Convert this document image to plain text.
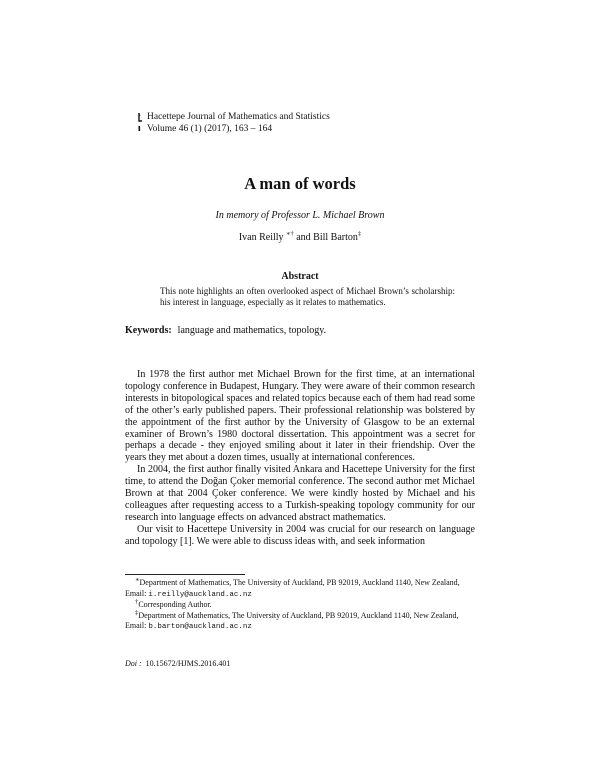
Hacettepe Journal of Mathematics and Statistics
Volume 46 (1) (2017), 163 – 164
A man of words
In memory of Professor L. Michael Brown
Ivan Reilly ∗† and Bill Barton‡
Abstract
This note highlights an often overlooked aspect of Michael Brown’s scholarship: his interest in language, especially as it relates to mathematics.
Keywords: language and mathematics, topology.

In 1978 the first author met Michael Brown for the first time, at an international topology conference in Budapest, Hungary. They were aware of their common research interests in bitopological spaces and related topics because each of them had read some of the other’s early published papers. Their professional relationship was bolstered by the appointment of the first author by the University of Glasgow to be an external examiner of Brown’s 1980 doctoral dissertation. This appointment was a secret for perhaps a decade - they enjoyed smiling about it later in their friendship. Over the years they met about a dozen times, usually at international conferences.

In 2004, the first author finally visited Ankara and Hacettepe University for the first time, to attend the Doğan Çoker memorial conference. The second author met Michael Brown at that 2004 Çoker conference. We were kindly hosted by Michael and his colleagues after requesting access to a Turkish-speaking topology community for our research into language effects on advanced abstract mathematics.

Our visit to Hacettepe University in 2004 was crucial for our research on language and topology [1]. We were able to discuss ideas with, and seek information

∗Department of Mathematics, The University of Auckland, PB 92019, Auckland 1140, New Zealand,

Email: i.reilly@auckland.ac.nz

†Corresponding Author.

‡Department of Mathematics, The University of Auckland, PB 92019, Auckland 1140, New Zealand,

Email: b.barton@auckland.ac.nz
Doi : 10.15672/HJMS.2016.401
